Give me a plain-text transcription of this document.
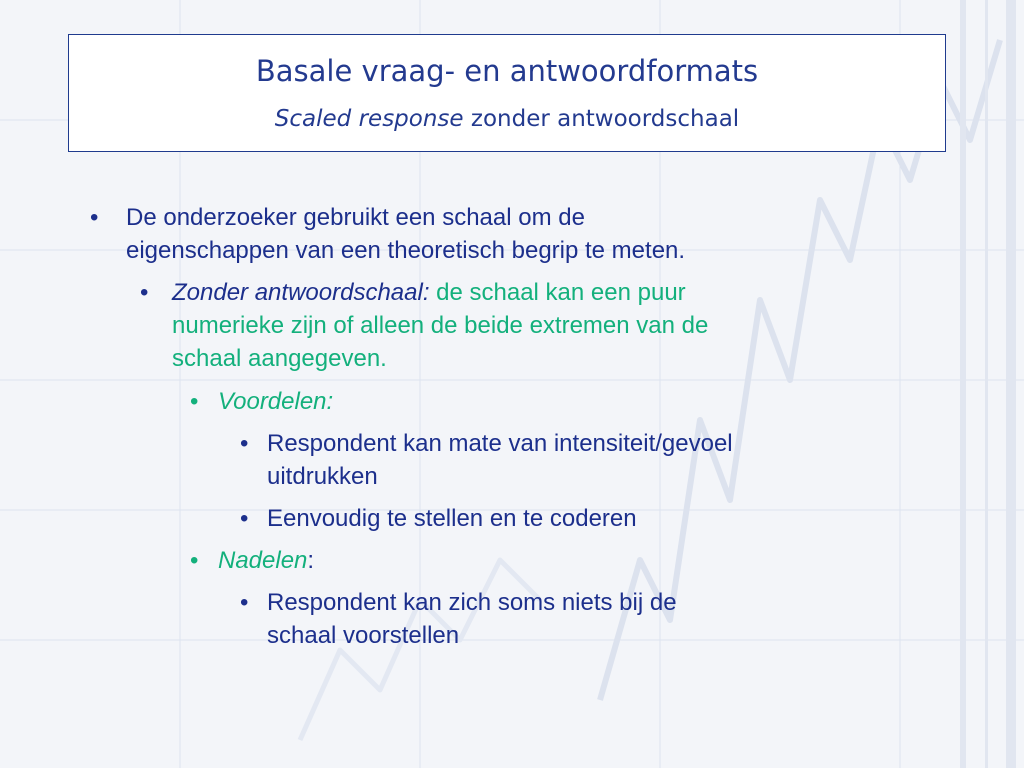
Basale vraag- en antwoordformats
Scaled response zonder antwoordschaal
• De onderzoeker gebruikt een schaal om de
eigenschappen van een theoretisch begrip te meten.
• Zonder antwoordschaal: de schaal kan een puur
numerieke zijn of alleen de beide extremen van de
schaal aangegeven.
• Voordelen:
• Respondent kan mate van intensiteit/gevoel
uitdrukken
• Eenvoudig te stellen en te coderen
• Nadelen:
• Respondent kan zich soms niets bij de
schaal voorstellen
